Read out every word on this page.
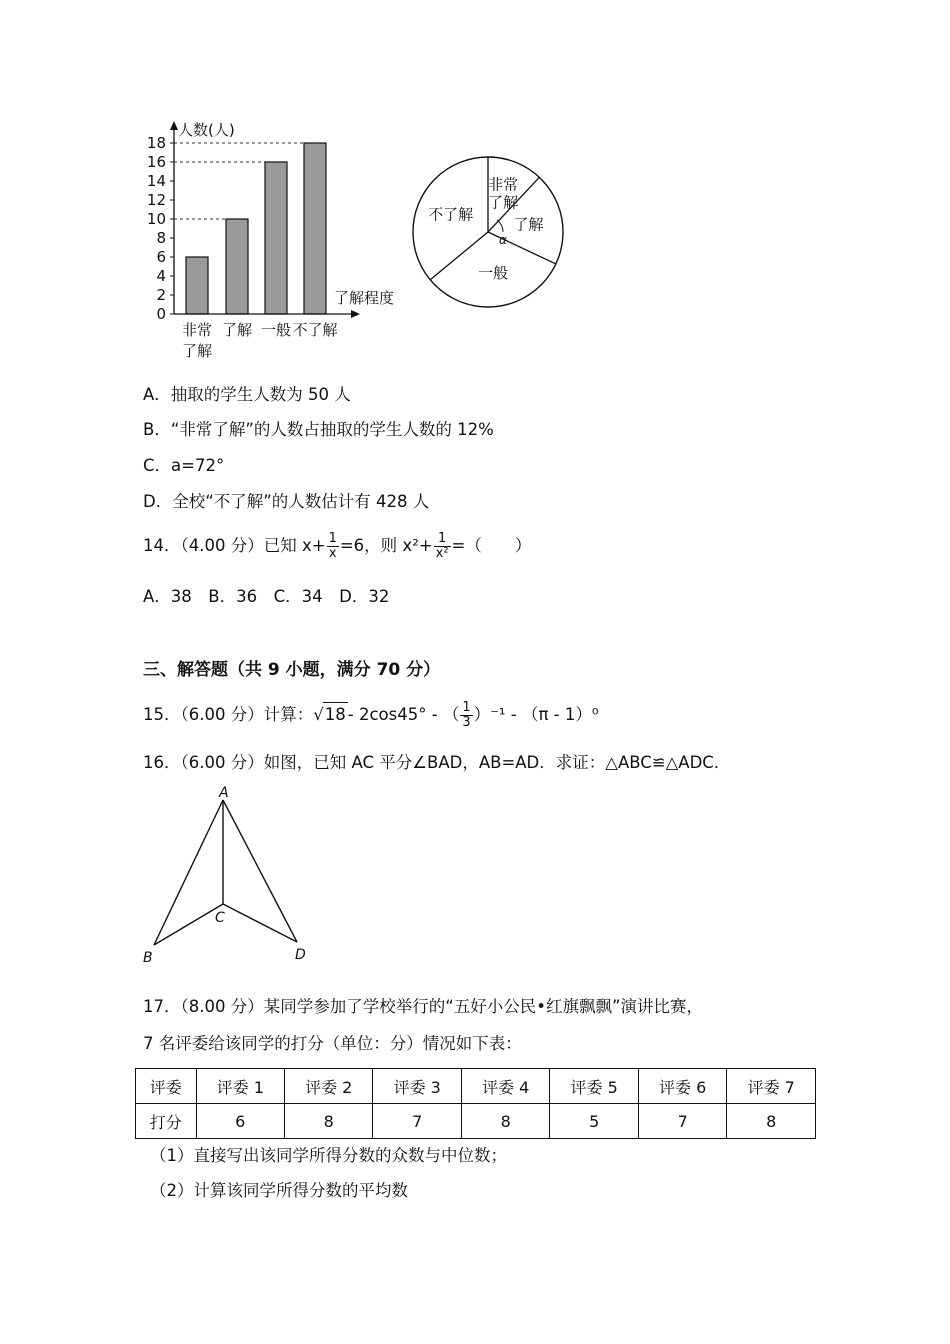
0
2
4
6
8
10
12
14
16
18
非常
了解
了解 一般 不了解
人数(人)
了解程度
α
非常
了解
了解
一般
不了解
A．抽取的学生人数为 50 人
B．“非常了解”的人数占抽取的学生人数的 12%
C．a=72°
D．全校“不了解”的人数估计有 428 人
14．（4.00 分）已知 $x+ \frac{1}{x} =6$，则 $x^2+ \frac{1}{\text{x²}}$ =（　　）
A．38　B．36　C．34　D．32
三、解答题（共 9 小题，满分 70 分）
15．（6.00 分）计算：√18 - 2cos45° - （ $\frac{1}{3} )^{-1} - (\pi - 1)^0$
16．（6.00 分）如图，已知 AC 平分∠BAD，AB=AD．求证：△ABC≌△ADC．
A
B
C
D
17．（8.00 分）某同学参加了学校举行的“五好小公民•红旗飘飘”演讲比赛，
7 名评委给该同学的打分（单位：分）情况如下表：
评委	评委 1	评委 2	评委 3	评委 4	评委 5	评委 6	评委 7
打分	6	8	7	8	5	7	8
（1）直接写出该同学所得分数的众数与中位数；
（2）计算该同学所得分数的平均数
